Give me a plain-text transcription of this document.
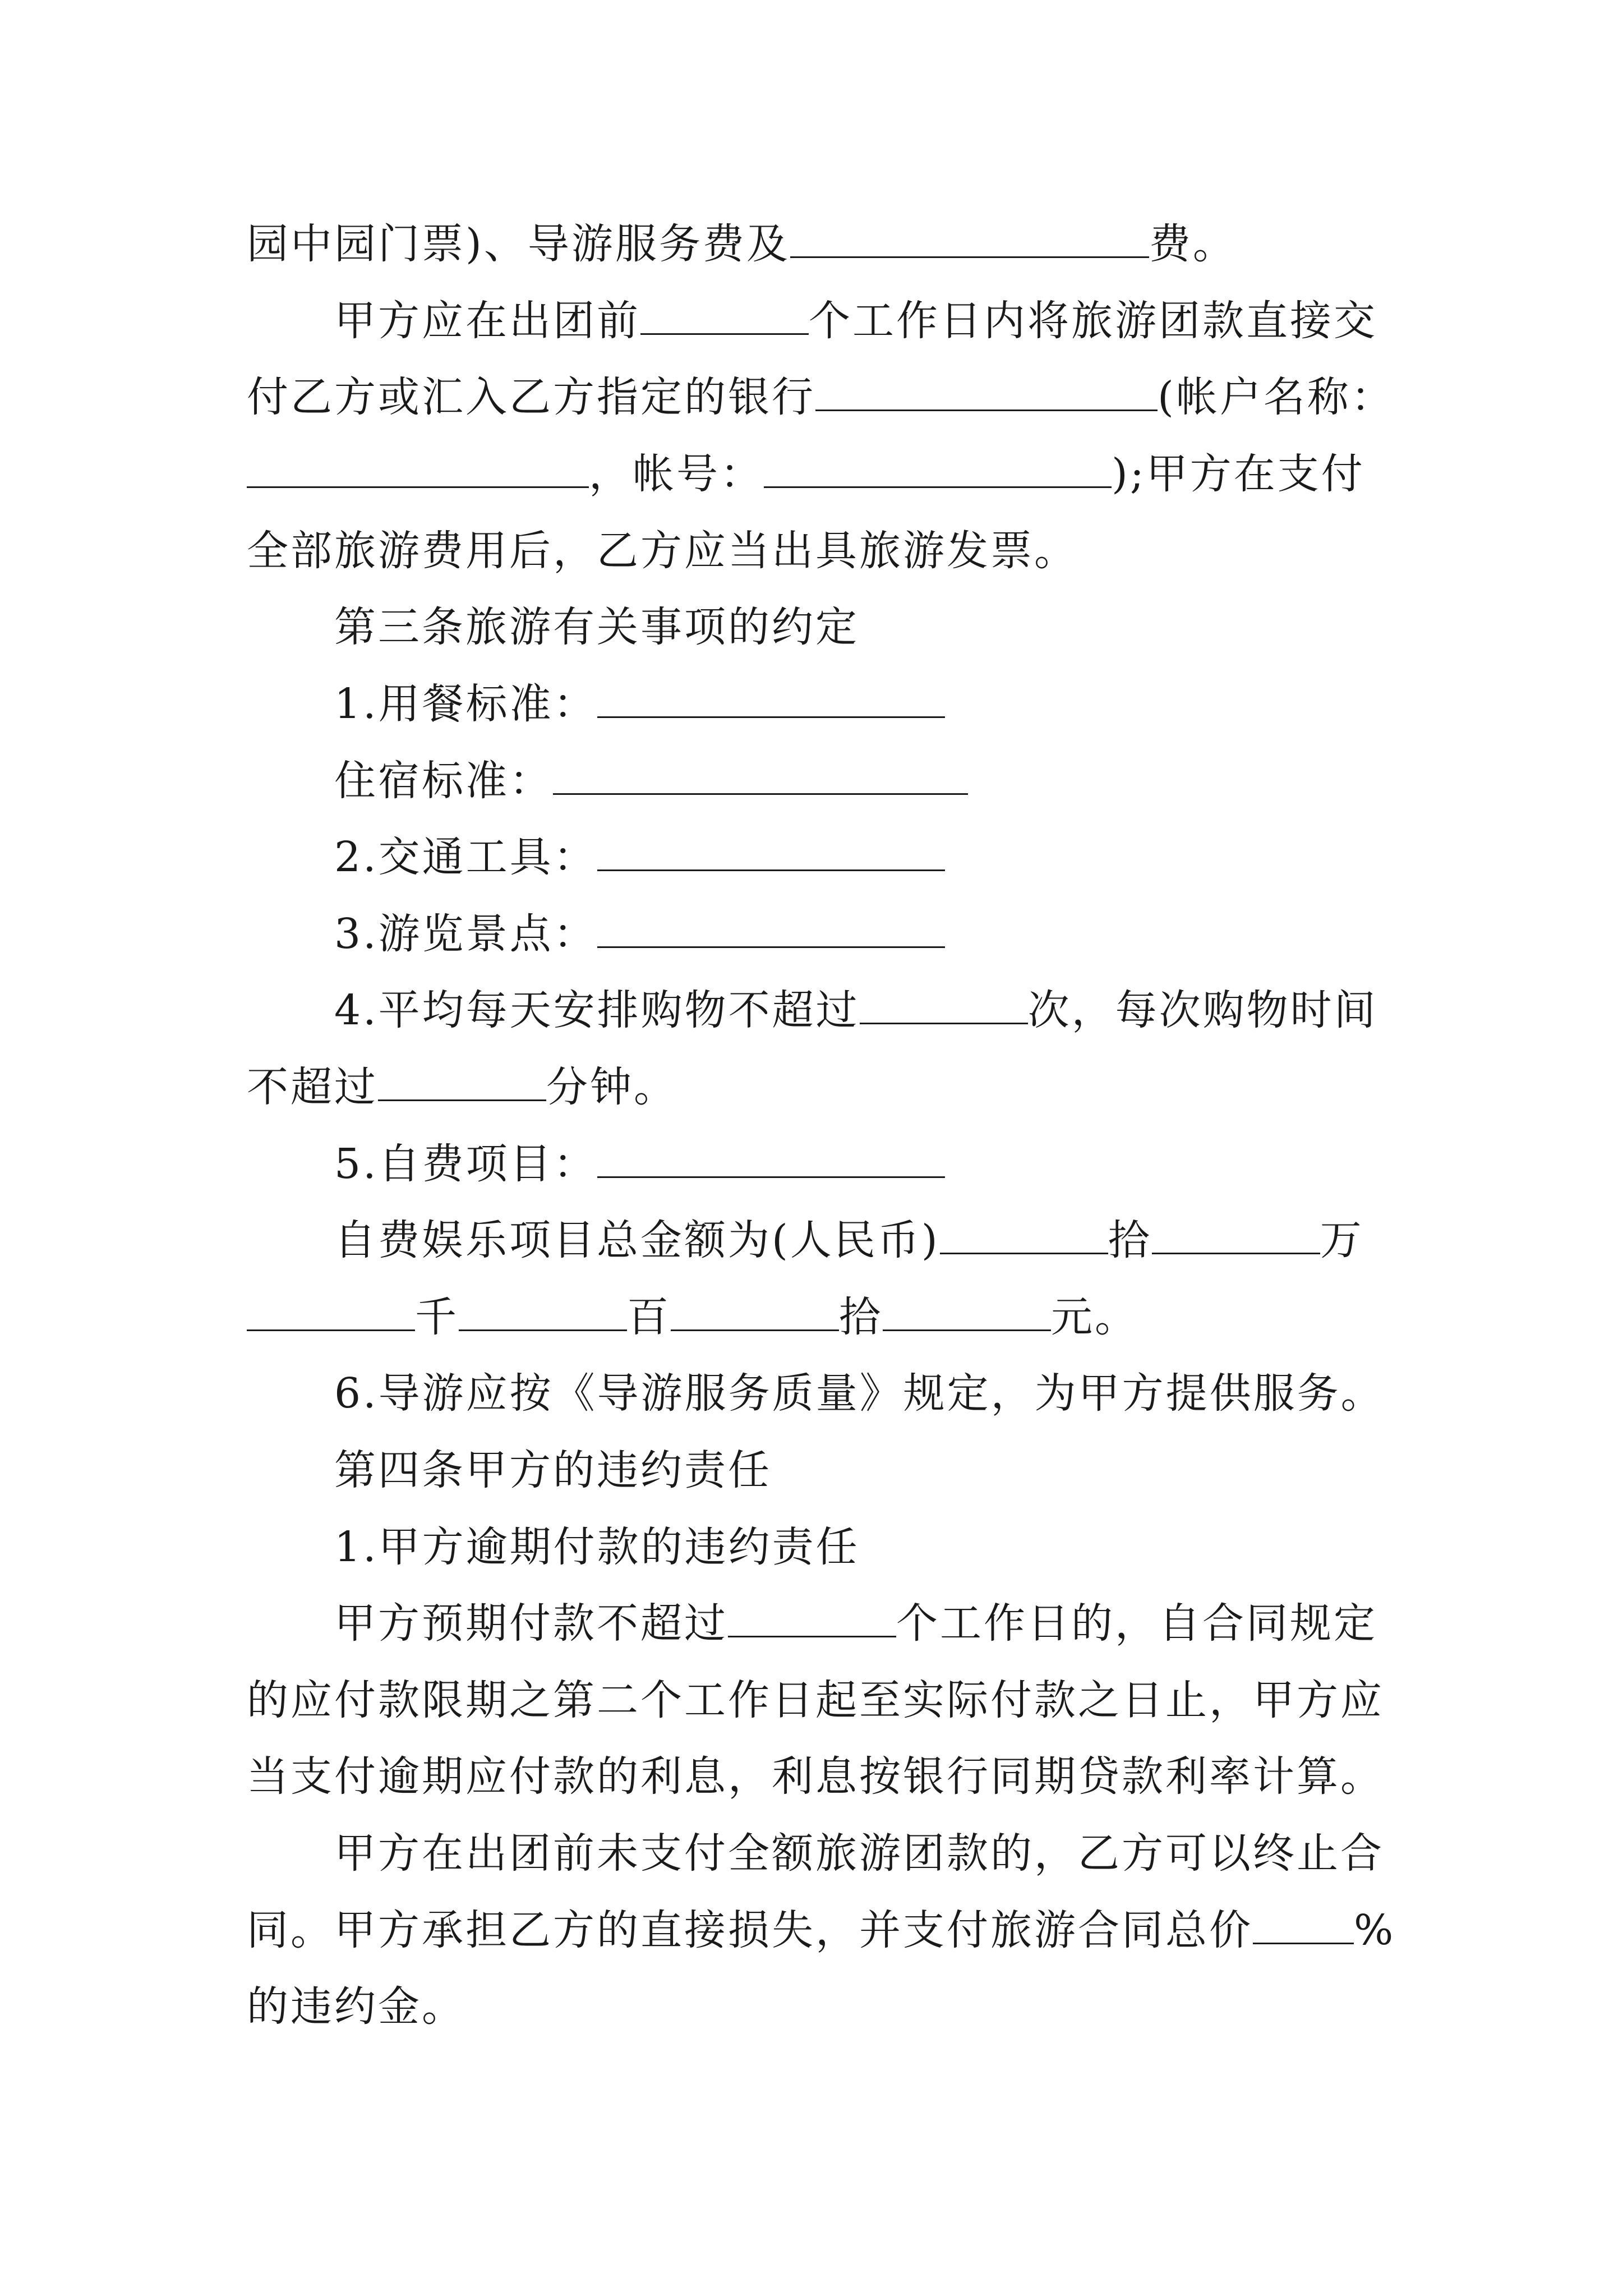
园中园门票)、导游服务费及	费。
甲方应在出团前	个工作日内将旅游团款直接交
付乙方或汇入乙方指定的银行	(帐户名称：
，帐号：	);甲方在支付
全部旅游费用后，乙方应当出具旅游发票。
第三条旅游有关事项的约定
1.用餐标准：
住宿标准：
2.交通工具：
3.游览景点：
4.平均每天安排购物不超过	次，每次购物时间
不超过	分钟。
5.自费项目：
自费娱乐项目总金额为(人民币)	拾	万
千	百	拾	元。
6.导游应按《导游服务质量》规定，为甲方提供服务。
第四条甲方的违约责任
1.甲方逾期付款的违约责任
甲方预期付款不超过	个工作日的，自合同规定
的应付款限期之第二个工作日起至实际付款之日止，甲方应
当支付逾期应付款的利息，利息按银行同期贷款利率计算。
甲方在出团前未支付全额旅游团款的，乙方可以终止合
同。甲方承担乙方的直接损失，并支付旅游合同总价 %
的违约金。
